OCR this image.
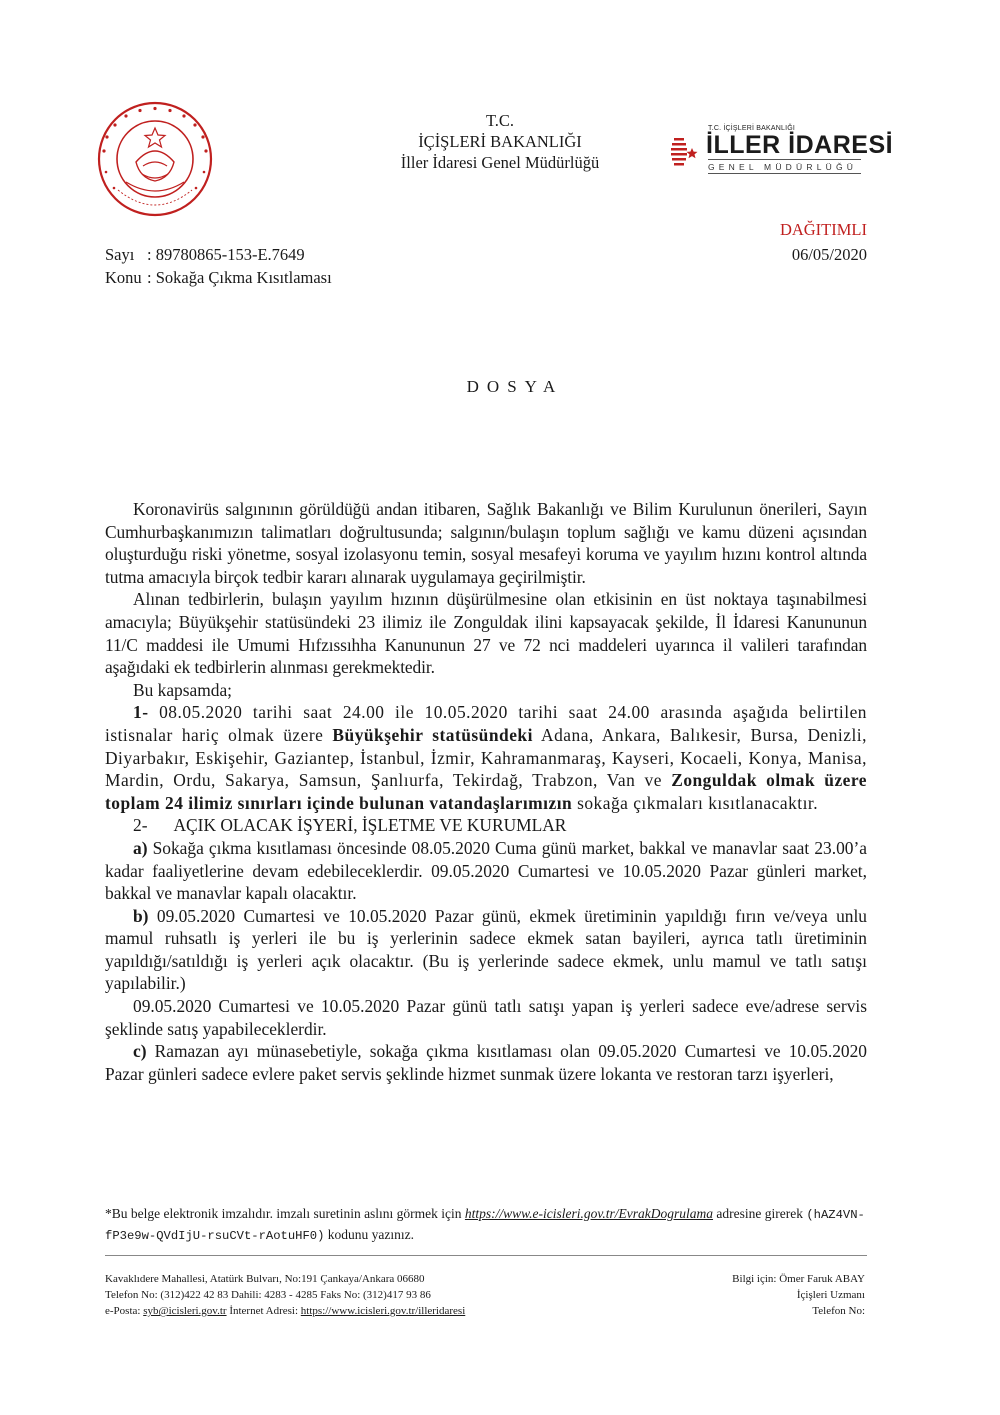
T.C.
İÇİŞLERİ BAKANLIĞI
İller İdaresi Genel Müdürlüğü
T.C. İÇİŞLERİ BAKANLIĞI
İLLER İDARESİ
GENEL MÜDÜRLÜĞÜ
DAĞITIMLI
06/05/2020
Sayı : 89780865-153-E.7649
Konu : Sokağa Çıkma Kısıtlaması
DOSYA

Koronavirüs salgınının görüldüğü andan itibaren, Sağlık Bakanlığı ve Bilim Kurulunun önerileri, Sayın Cumhurbaşkanımızın talimatları doğrultusunda; salgının/bulaşın toplum sağlığı ve kamu düzeni açısından oluşturduğu riski yönetme, sosyal izolasyonu temin, sosyal mesafeyi koruma ve yayılım hızını kontrol altında tutma amacıyla birçok tedbir kararı alınarak uygulamaya geçirilmiştir.

Alınan tedbirlerin, bulaşın yayılım hızının düşürülmesine olan etkisinin en üst noktaya taşınabilmesi amacıyla; Büyükşehir statüsündeki 23 ilimiz ile Zonguldak ilini kapsayacak şekilde, İl İdaresi Kanununun 11/C maddesi ile Umumi Hıfzıssıhha Kanununun 27 ve 72 nci maddeleri uyarınca il valileri tarafından aşağıdaki ek tedbirlerin alınması gerekmektedir.

Bu kapsamda;

1- 08.05.2020 tarihi saat 24.00 ile 10.05.2020 tarihi saat 24.00 arasında aşağıda belirtilen istisnalar hariç olmak üzere Büyükşehir statüsündeki Adana, Ankara, Balıkesir, Bursa, Denizli, Diyarbakır, Eskişehir, Gaziantep, İstanbul, İzmir, Kahramanmaraş, Kayseri, Kocaeli, Konya, Manisa, Mardin, Ordu, Sakarya, Samsun, Şanlıurfa, Tekirdağ, Trabzon, Van ve Zonguldak olmak üzere toplam 24 ilimiz sınırları içinde bulunan vatandaşlarımızın sokağa çıkmaları kısıtlanacaktır.

2- AÇIK OLACAK İŞYERİ, İŞLETME VE KURUMLAR

a) Sokağa çıkma kısıtlaması öncesinde 08.05.2020 Cuma günü market, bakkal ve manavlar saat 23.00’a kadar faaliyetlerine devam edebileceklerdir. 09.05.2020 Cumartesi ve 10.05.2020 Pazar günleri market, bakkal ve manavlar kapalı olacaktır.

b) 09.05.2020 Cumartesi ve 10.05.2020 Pazar günü, ekmek üretiminin yapıldığı fırın ve/veya unlu mamul ruhsatlı iş yerleri ile bu iş yerlerinin sadece ekmek satan bayileri, ayrıca tatlı üretiminin yapıldığı/satıldığı iş yerleri açık olacaktır. (Bu iş yerlerinde sadece ekmek, unlu mamul ve tatlı satışı yapılabilir.)

09.05.2020 Cumartesi ve 10.05.2020 Pazar günü tatlı satışı yapan iş yerleri sadece eve/adrese servis şeklinde satış yapabileceklerdir.

c) Ramazan ayı münasebetiyle, sokağa çıkma kısıtlaması olan 09.05.2020 Cumartesi ve 10.05.2020 Pazar günleri sadece evlere paket servis şeklinde hizmet sunmak üzere lokanta ve restoran tarzı işyerleri,

*Bu belge elektronik imzalıdır. imzalı suretinin aslını görmek için https://www.e-icisleri.gov.tr/EvrakDogrulama adresine girerek (hAZ4VN-fP3e9w-QVdIjU-rsuCVt-rAotuHF0) kodunu yazınız.
Kavaklıdere Mahallesi, Atatürk Bulvarı, No:191 Çankaya/Ankara 06680
Telefon No: (312)422 42 83 Dahili: 4283 - 4285 Faks No: (312)417 93 86
e-Posta: syb@icisleri.gov.tr İnternet Adresi: https://www.icisleri.gov.tr/illeridaresi
Bilgi için: Ömer Faruk ABAY
İçişleri Uzmanı
Telefon No:
